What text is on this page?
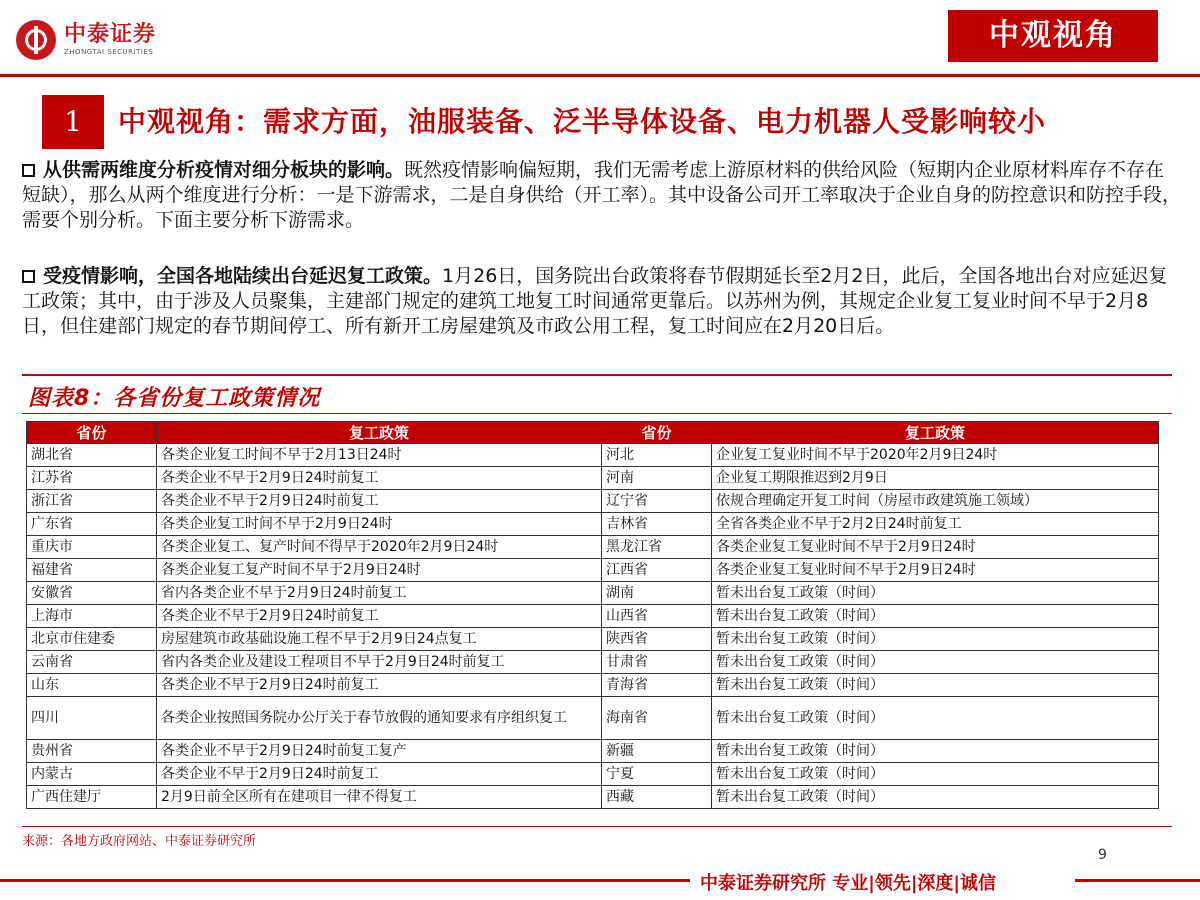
中泰证券
ZHONGTAI SECURITIES	中观视角
1	中观视角：需求方面，油服装备、泛半导体设备、电力机器人受影响较小
从供需两维度分析疫情对细分板块的影响。既然疫情影响偏短期，我们无需考虑上游原材料的供给风险（短期内企业原材料库存不存在短缺），那么从两个维度进行分析：一是下游需求，二是自身供给（开工率）。其中设备公司开工率取决于企业自身的防控意识和防控手段，需要个别分析。下面主要分析下游需求。
受疫情影响，全国各地陆续出台延迟复工政策。1月26日，国务院出台政策将春节假期延长至2月2日，此后，全国各地出台对应延迟复工政策；其中，由于涉及人员聚集，主建部门规定的建筑工地复工时间通常更靠后。以苏州为例，其规定企业复工复业时间不早于2月8日，但住建部门规定的春节期间停工、所有新开工房屋建筑及市政公用工程，复工时间应在2月20日后。
图表8：各省份复工政策情况
省份	复工政策	省份	复工政策
湖北省	各类企业复工时间不早于2月13日24时	河北	企业复工复业时间不早于2020年2月9日24时
江苏省	各类企业不早于2月9日24时前复工	河南	企业复工期限推迟到2月9日
浙江省	各类企业不早于2月9日24时前复工	辽宁省	依规合理确定开复工时间（房屋市政建筑施工领域）
广东省	各类企业复工时间不早于2月9日24时	吉林省	全省各类企业不早于2月2日24时前复工
重庆市	各类企业复工、复产时间不得早于2020年2月9日24时	黑龙江省	各类企业复工复业时间不早于2月9日24时
福建省	各类企业复工复产时间不早于2月9日24时	江西省	各类企业复工复业时间不早于2月9日24时
安徽省	省内各类企业不早于2月9日24时前复工	湖南	暂未出台复工政策（时间）
上海市	各类企业不早于2月9日24时前复工	山西省	暂未出台复工政策（时间）
北京市住建委	房屋建筑市政基础设施工程不早于2月9日24点复工	陕西省	暂未出台复工政策（时间）
云南省	省内各类企业及建设工程项目不早于2月9日24时前复工	甘肃省	暂未出台复工政策（时间）
山东	各类企业不早于2月9日24时前复工	青海省	暂未出台复工政策（时间）
四川	各类企业按照国务院办公厅关于春节放假的通知要求有序组织复工	海南省	暂未出台复工政策（时间）
贵州省	各类企业不早于2月9日24时前复工复产	新疆	暂未出台复工政策（时间）
内蒙古	各类企业不早于2月9日24时前复工	宁夏	暂未出台复工政策（时间）
广西住建厅	2月9日前全区所有在建项目一律不得复工	西藏	暂未出台复工政策（时间）
来源：各地方政府网站、中泰证券研究所
9
中泰证券研究所 专业|领先|深度|诚信
